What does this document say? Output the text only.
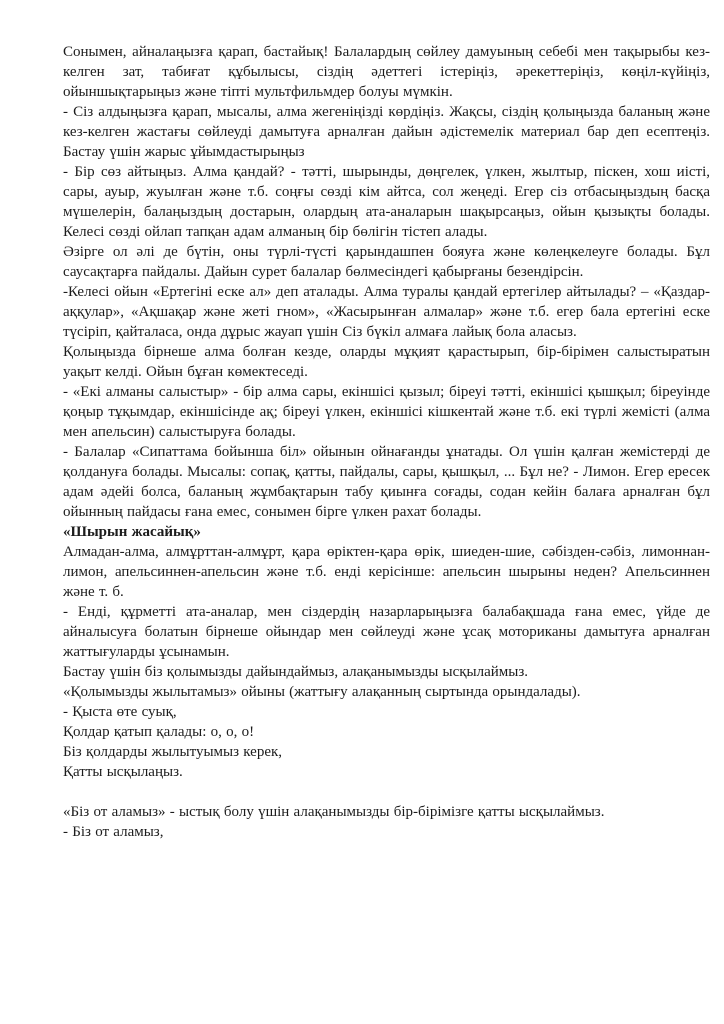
Сонымен, айналаңызға қарап, бастайық! Балалардың сөйлеу дамуының себебі мен тақырыбы кез-келген зат, табиғат құбылысы, сіздің әдеттегі істеріңіз, әрекеттеріңіз, көңіл-күйіңіз, ойыншықтарыңыз және тіпті мультфильмдер болуы мүмкін.

- Сіз алдыңызға қарап, мысалы, алма жегеніңізді көрдіңіз. Жақсы, сіздің қолыңызда баланың және кез-келген жастағы сөйлеуді дамытуға арналған дайын әдістемелік материал бар деп есептеңіз. Бастау үшін жарыс ұйымдастырыңыз

- Бір сөз айтыңыз. Алма қандай? - тәтті, шырынды, дөңгелек, үлкен, жылтыр, піскен, хош иісті, сары, ауыр, жуылған және т.б. соңғы сөзді кім айтса, сол жеңеді. Егер сіз отбасыңыздың басқа мүшелерін, балаңыздың достарын, олардың ата-аналарын шақырсаңыз, ойын қызықты болады. Келесі сөзді ойлап тапқан адам алманың бір бөлігін тістеп алады.

Әзірге ол әлі де бүтін, оны түрлі-түсті қарындашпен бояуға және көлеңкелеуге болады. Бұл саусақтарға пайдалы. Дайын сурет балалар бөлмесіндегі қабырғаны безендірсін.

-Келесі ойын «Ертегіні еске ал» деп аталады. Алма туралы қандай ертегілер айтылады? – «Қаздар-аққулар», «Ақшақар және жеті гном», «Жасырынған алмалар» және т.б. егер бала ертегіні еске түсіріп, қайталаса, онда дұрыс жауап үшін Сіз бүкіл алмаға лайық бола аласыз.

Қолыңызда бірнеше алма болған кезде, оларды мұқият қарастырып, бір-бірімен салыстыратын уақыт келді. Ойын бұған көмектеседі.

- «Екі алманы салыстыр» - бір алма сары, екіншісі қызыл; біреуі тәтті, екіншісі қышқыл; біреуінде қоңыр тұқымдар, екіншісінде ақ; біреуі үлкен, екіншісі кішкентай және т.б. екі түрлі жемісті (алма мен апельсин) салыстыруға болады.

- Балалар «Сипаттама бойынша біл» ойынын ойнағанды ұнатады. Ол үшін қалған жемістерді де қолдануға болады. Мысалы: сопақ, қатты, пайдалы, сары, қышқыл, ... Бұл не? - Лимон. Егер ересек адам әдейі болса, баланың жұмбақтарын табу қиынға соғады, содан кейін балаға арналған бұл ойынның пайдасы ғана емес, сонымен бірге үлкен рахат болады.

«Шырын жасайық»

Алмадан-алма, алмұрттан-алмұрт, қара өріктен-қара өрік, шиеден-шие, сәбізден-сәбіз, лимоннан-лимон, апельсиннен-апельсин және т.б. енді керісінше: апельсин шырыны неден? Апельсиннен және т. б.

- Енді, құрметті ата-аналар, мен сіздердің назарларыңызға балабақшада ғана емес, үйде де айналысуға болатын бірнеше ойындар мен сөйлеуді және ұсақ моториканы дамытуға арналған жаттығуларды ұсынамын.

Бастау үшін біз қолымызды дайындаймыз, алақанымызды ысқылаймыз.

«Қолымызды жылытамыз» ойыны (жаттығу алақанның сыртында орындалады).

- Қыста өте суық,

Қолдар қатып қалады: о, о, о!

Біз қолдарды жылытуымыз керек,

Қатты ысқылаңыз.

«Біз от аламыз» - ыстық болу үшін алақанымызды бір-бірімізге қатты ысқылаймыз.

- Біз от аламыз,
